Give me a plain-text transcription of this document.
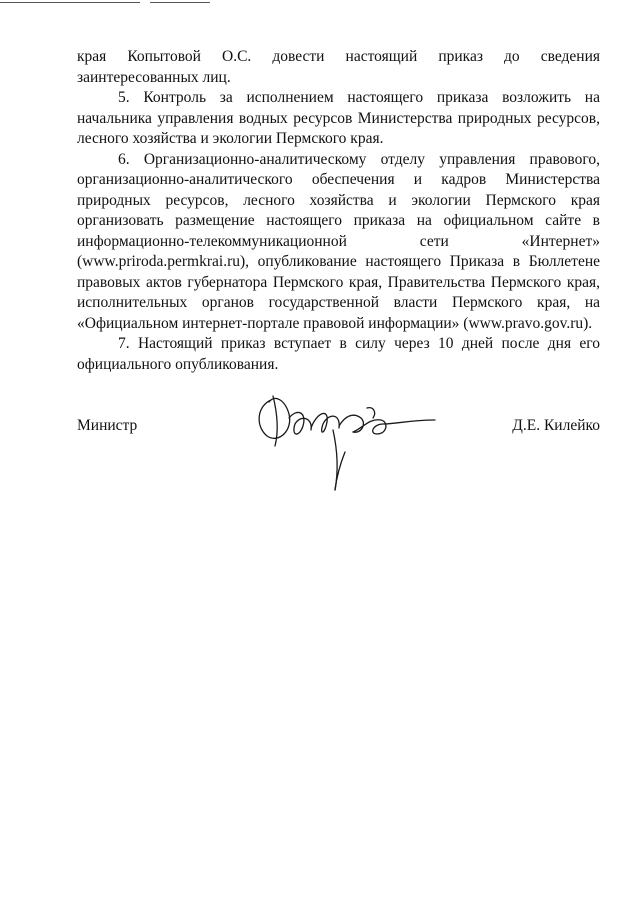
края Копытовой О.С. довести настоящий приказ до сведения заинтересованных лиц.

5. Контроль за исполнением настоящего приказа возложить на начальника управления водных ресурсов Министерства природных ресурсов, лесного хозяйства и экологии Пермского края.

6. Организационно-аналитическому отделу управления правового, организационно-аналитического обеспечения и кадров Министерства природных ресурсов, лесного хозяйства и экологии Пермского края организовать размещение настоящего приказа на официальном сайте в информационно-телекоммуникационной сети «Интернет» (www.priroda.permkrai.ru), опубликование настоящего Приказа в Бюллетене правовых актов губернатора Пермского края, Правительства Пермского края, исполнительных органов государственной власти Пермского края, на «Официальном интернет-портале правовой информации» (www.pravo.gov.ru).

7. Настоящий приказ вступает в силу через 10 дней после дня его официального опубликования.

Министр	Д.Е. Килейко
